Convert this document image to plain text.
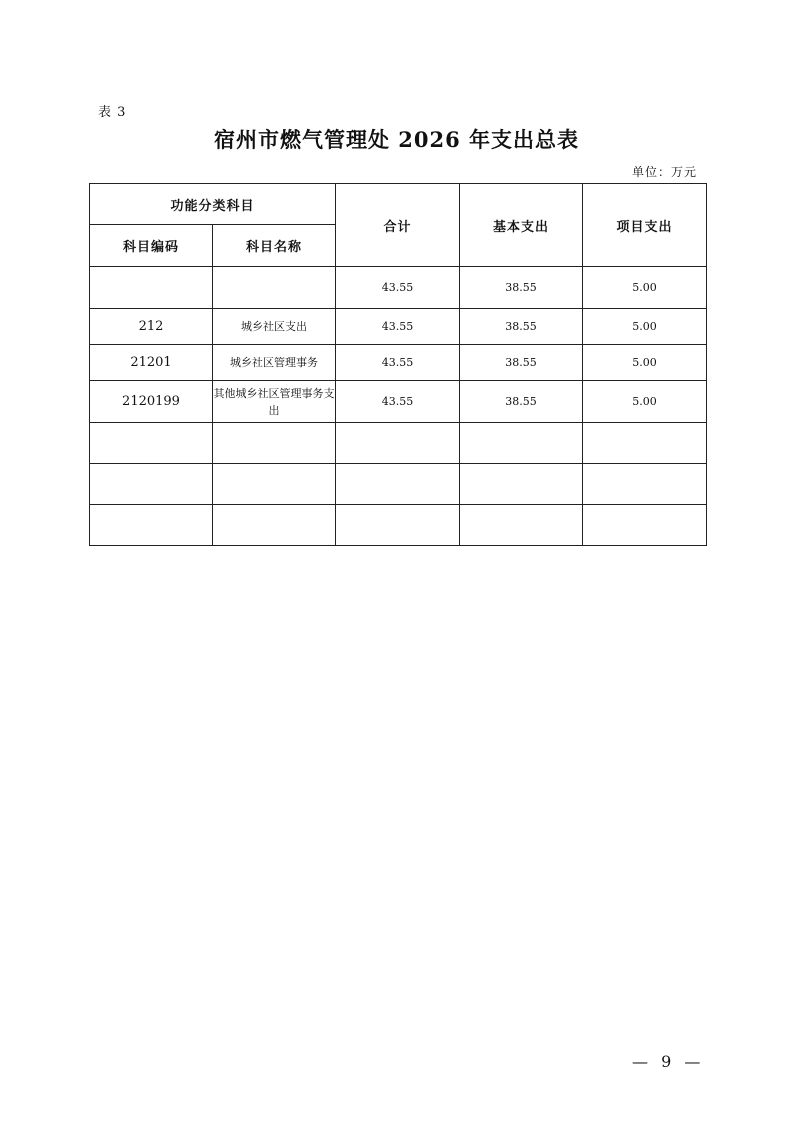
表 3
宿州市燃气管理处 2026 年支出总表
单位：万元
功能分类科目		合计	基本支出	项目支出
科目编码	科目名称			
		43.55	38.55	5.00
212	城乡社区支出	43.55	38.55	5.00
21201	城乡社区管理事务	43.55	38.55	5.00
2120199	其他城乡社区管理事务支出	43.55	38.55	5.00

— 9 —
